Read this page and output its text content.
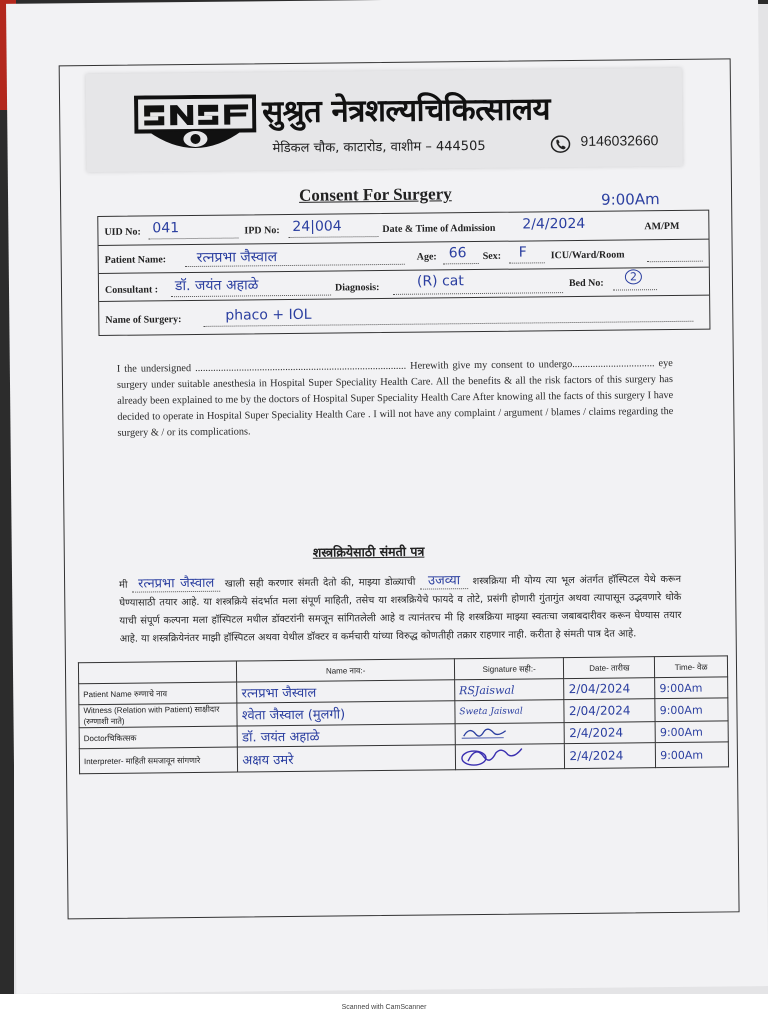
सुश्रुत नेत्रशल्यचिकित्सालय
मेडिकल चौक, काटारोड, वाशीम – 444505	9146032660
Consent For Surgery	9:00Am
UID No: 041	IPD No: 24|004	Date & Time of Admission 2/4/2024	AM/PM
Patient Name: रत्नप्रभा जैस्वाल	Age: 66 Sex: F ICU/Ward/Room
Consultant : डॉ. जयंत अहाळे	Diagnosis:	(R) cat	Bed No:	2
Name of Surgery:	phaco + IOL
I the undersigned .................................................................................. Herewith give my consent to undergo................................ eye surgery under suitable anesthesia in Hospital Super Speciality Health Care. All the benefits & all the risk factors of this surgery has already been explained to me by the doctors of Hospital Super Speciality Health Care After knowing all the facts of this surgery I have decided to operate in Hospital Super Speciality Health Care . I will not have any complaint / argument / blames / claims regarding the surgery & / or its complications.
शस्त्रक्रियेसाठी संमती पत्र
मी रत्नप्रभा जैस्वाल खाली सही करणार संमती देतो की, माझ्या डोळ्याची उजव्या शस्त्रक्रिया मी योग्य त्या भूल अंतर्गत हॉस्पिटल येथे करून घेण्यासाठी तयार आहे. या शस्त्रक्रिये संदर्भात मला संपूर्ण माहिती, तसेच या शस्त्रक्रियेचे फायदे व तोटे, प्रसंगी होणारी गुंतागुंत अथवा त्यापासून उद्भवणारे धोके याची संपूर्ण कल्पना मला हॉस्पिटल मधील डॉक्टरांनी समजून सांगितलेली आहे व त्यानंतरच मी हि शस्त्रक्रिया माझ्या स्वतःचा जबाबदारीवर करून घेण्यास तयार आहे. या शस्त्रक्रियेनंतर माझी हॉस्पिटल अथवा येथील डॉक्टर व कर्मचारी यांच्या विरुद्ध कोणतीही तक्रार राहणार नाही. करीता हे संमती पात्र देत आहे.
	Name नाव:-	Signature सही:-	Date- तारीख	Time- वेळ
Patient Name रुग्णाचे नाव	रत्नप्रभा जैस्वाल	RSJaiswal	2/04/2024	9:00Am
Witness (Relation with Patient) साक्षीदार (रुग्णाशी नाते)	श्वेता जैस्वाल (मुलगी)	Sweta Jaiswal	2/04/2024	9:00Am
Doctorचिकित्सक	डॉ. जयंत अहाळे		2/4/2024	9:00Am
Interpreter- माहिती समजावून सांगणारे	अक्षय उमरे		2/4/2024	9:00Am
Scanned with CamScanner
